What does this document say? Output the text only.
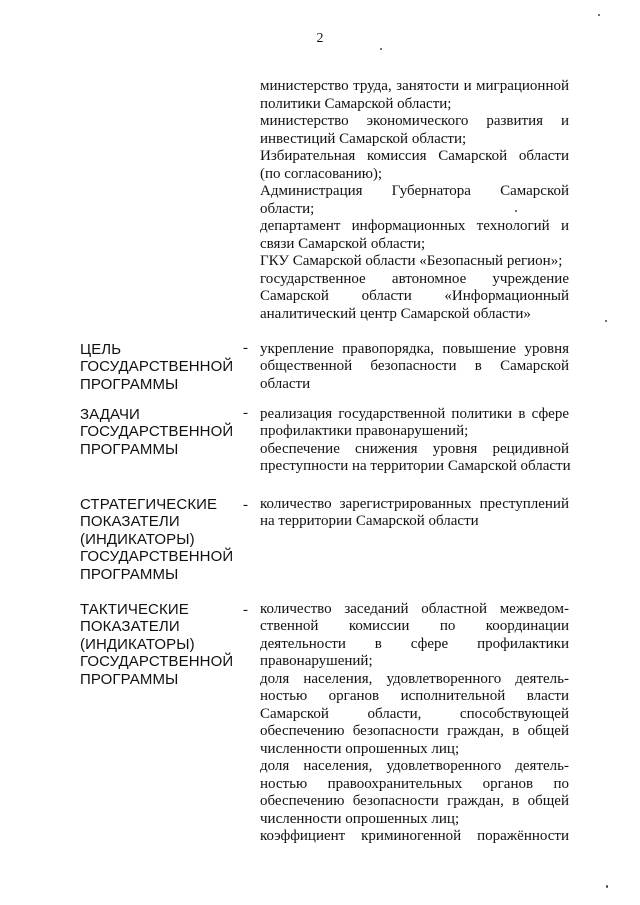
2
министерство труда, занятости и миграционной
политики Самарской области;
министерство экономического развития и
инвестиций Самарской области;
Избирательная комиссия Самарской области
(по согласованию);
Администрация Губернатора Самарской
области;
департамент информационных технологий и
связи Самарской области;
ГКУ Самарской области «Безопасный регион»;
государственное автономное учреждение
Самарской области «Информационный
аналитический центр Самарской области»
ЦЕЛЬ
ГОСУДАРСТВЕННОЙ
ПРОГРАММЫ
- укрепление правопорядка, повышение уровня
общественной безопасности в Самарской
области
ЗАДАЧИ
ГОСУДАРСТВЕННОЙ
ПРОГРАММЫ
- реализация государственной политики в сфере
профилактики правонарушений;
обеспечение снижения уровня рецидивной
преступности на территории Самарской области
СТРАТЕГИЧЕСКИЕ
ПОКАЗАТЕЛИ
(ИНДИКАТОРЫ)
ГОСУДАРСТВЕННОЙ
ПРОГРАММЫ
- количество зарегистрированных преступлений
на территории Самарской области
ТАКТИЧЕСКИЕ
ПОКАЗАТЕЛИ
(ИНДИКАТОРЫ)
ГОСУДАРСТВЕННОЙ
ПРОГРАММЫ
- количество заседаний областной межведом-
ственной комиссии по координации
деятельности в сфере профилактики
правонарушений;
доля населения, удовлетворенного деятель-
ностью органов исполнительной власти
Самарской области, способствующей
обеспечению безопасности граждан, в общей
численности опрошенных лиц;
доля населения, удовлетворенного деятель-
ностью правоохранительных органов по
обеспечению безопасности граждан, в общей
численности опрошенных лиц;
коэффициент криминогенной поражённости
